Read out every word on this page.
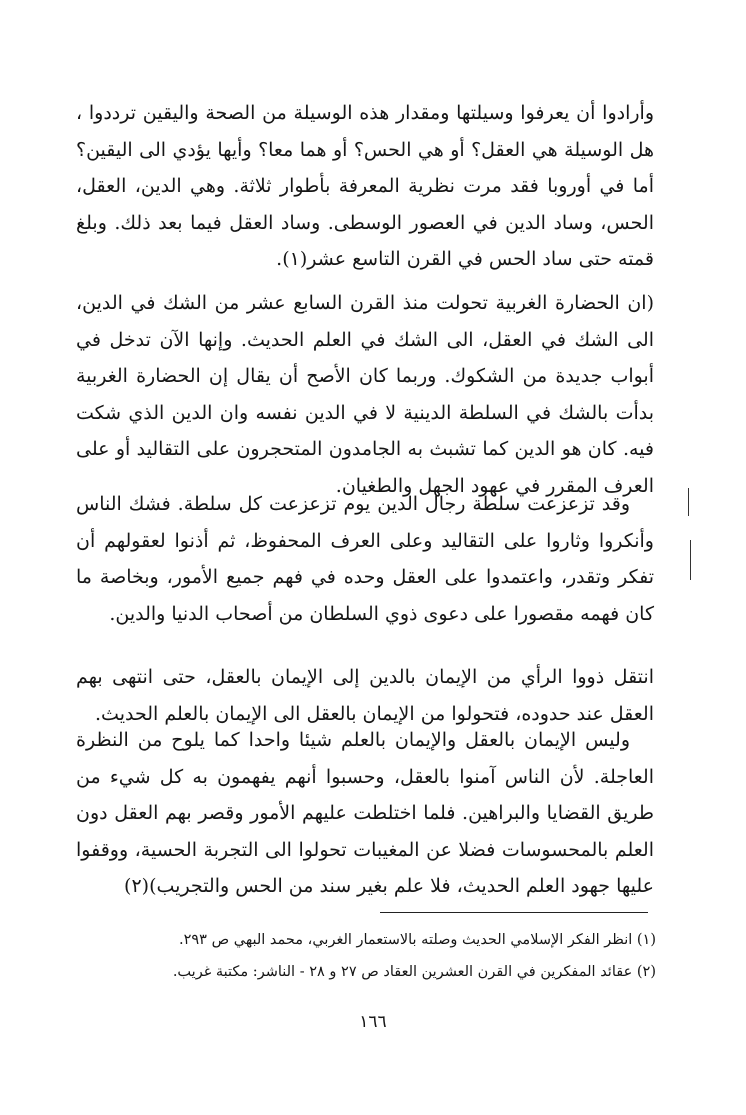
وأرادوا أن يعرفوا وسيلتها ومقدار هذه الوسيلة من الصحة واليقين ترددوا ، هل الوسيلة هي العقل؟ أو هي الحس؟ أو هما معا؟ وأيها يؤدي الى اليقين؟ أما في أوروبا فقد مرت نظرية المعرفة بأطوار ثلاثة. وهي الدين، العقل، الحس، وساد الدين في العصور الوسطى. وساد العقل فيما بعد ذلك. وبلغ قمته حتى ساد الحس في القرن التاسع عشر(١).

(ان الحضارة الغربية تحولت منذ القرن السابع عشر من الشك في الدين، الى الشك في العقل، الى الشك في العلم الحديث. وإنها الآن تدخل في أبواب جديدة من الشكوك. وربما كان الأصح أن يقال إن الحضارة الغربية بدأت بالشك في السلطة الدينية لا في الدين نفسه وان الدين الذي شكت فيه. كان هو الدين كما تشبث به الجامدون المتحجرون على التقاليد أو على العرف المقرر في عهود الجهل والطغيان.

وقد تزعزعت سلطة رجال الدين يوم تزعزعت كل سلطة. فشك الناس وأنكروا وثاروا على التقاليد وعلى العرف المحفوظ، ثم أذنوا لعقولهم أن تفكر وتقدر، واعتمدوا على العقل وحده في فهم جميع الأمور، وبخاصة ما كان فهمه مقصورا على دعوى ذوي السلطان من أصحاب الدنيا والدين.

انتقل ذووا الرأي من الإيمان بالدين إلى الإيمان بالعقل، حتى انتهى بهم العقل عند حدوده، فتحولوا من الإيمان بالعقل الى الإيمان بالعلم الحديث.

وليس الإيمان بالعقل والإيمان بالعلم شيئا واحدا كما يلوح من النظرة العاجلة. لأن الناس آمنوا بالعقل، وحسبوا أنهم يفهمون به كل شيء من طريق القضايا والبراهين. فلما اختلطت عليهم الأمور وقصر بهم العقل دون العلم بالمحسوسات فضلا عن المغيبات تحولوا الى التجربة الحسية، ووقفوا عليها جهود العلم الحديث، فلا علم بغير سند من الحس والتجريب)(٢)
(١) انظر الفكر الإسلامي الحديث وصلته بالاستعمار الغربي، محمد البهي ص ٢٩٣.
(٢) عقائد المفكرين في القرن العشرين العقاد ص ٢٧ و ٢٨ - الناشر: مكتبة غريب.
١٦٦
